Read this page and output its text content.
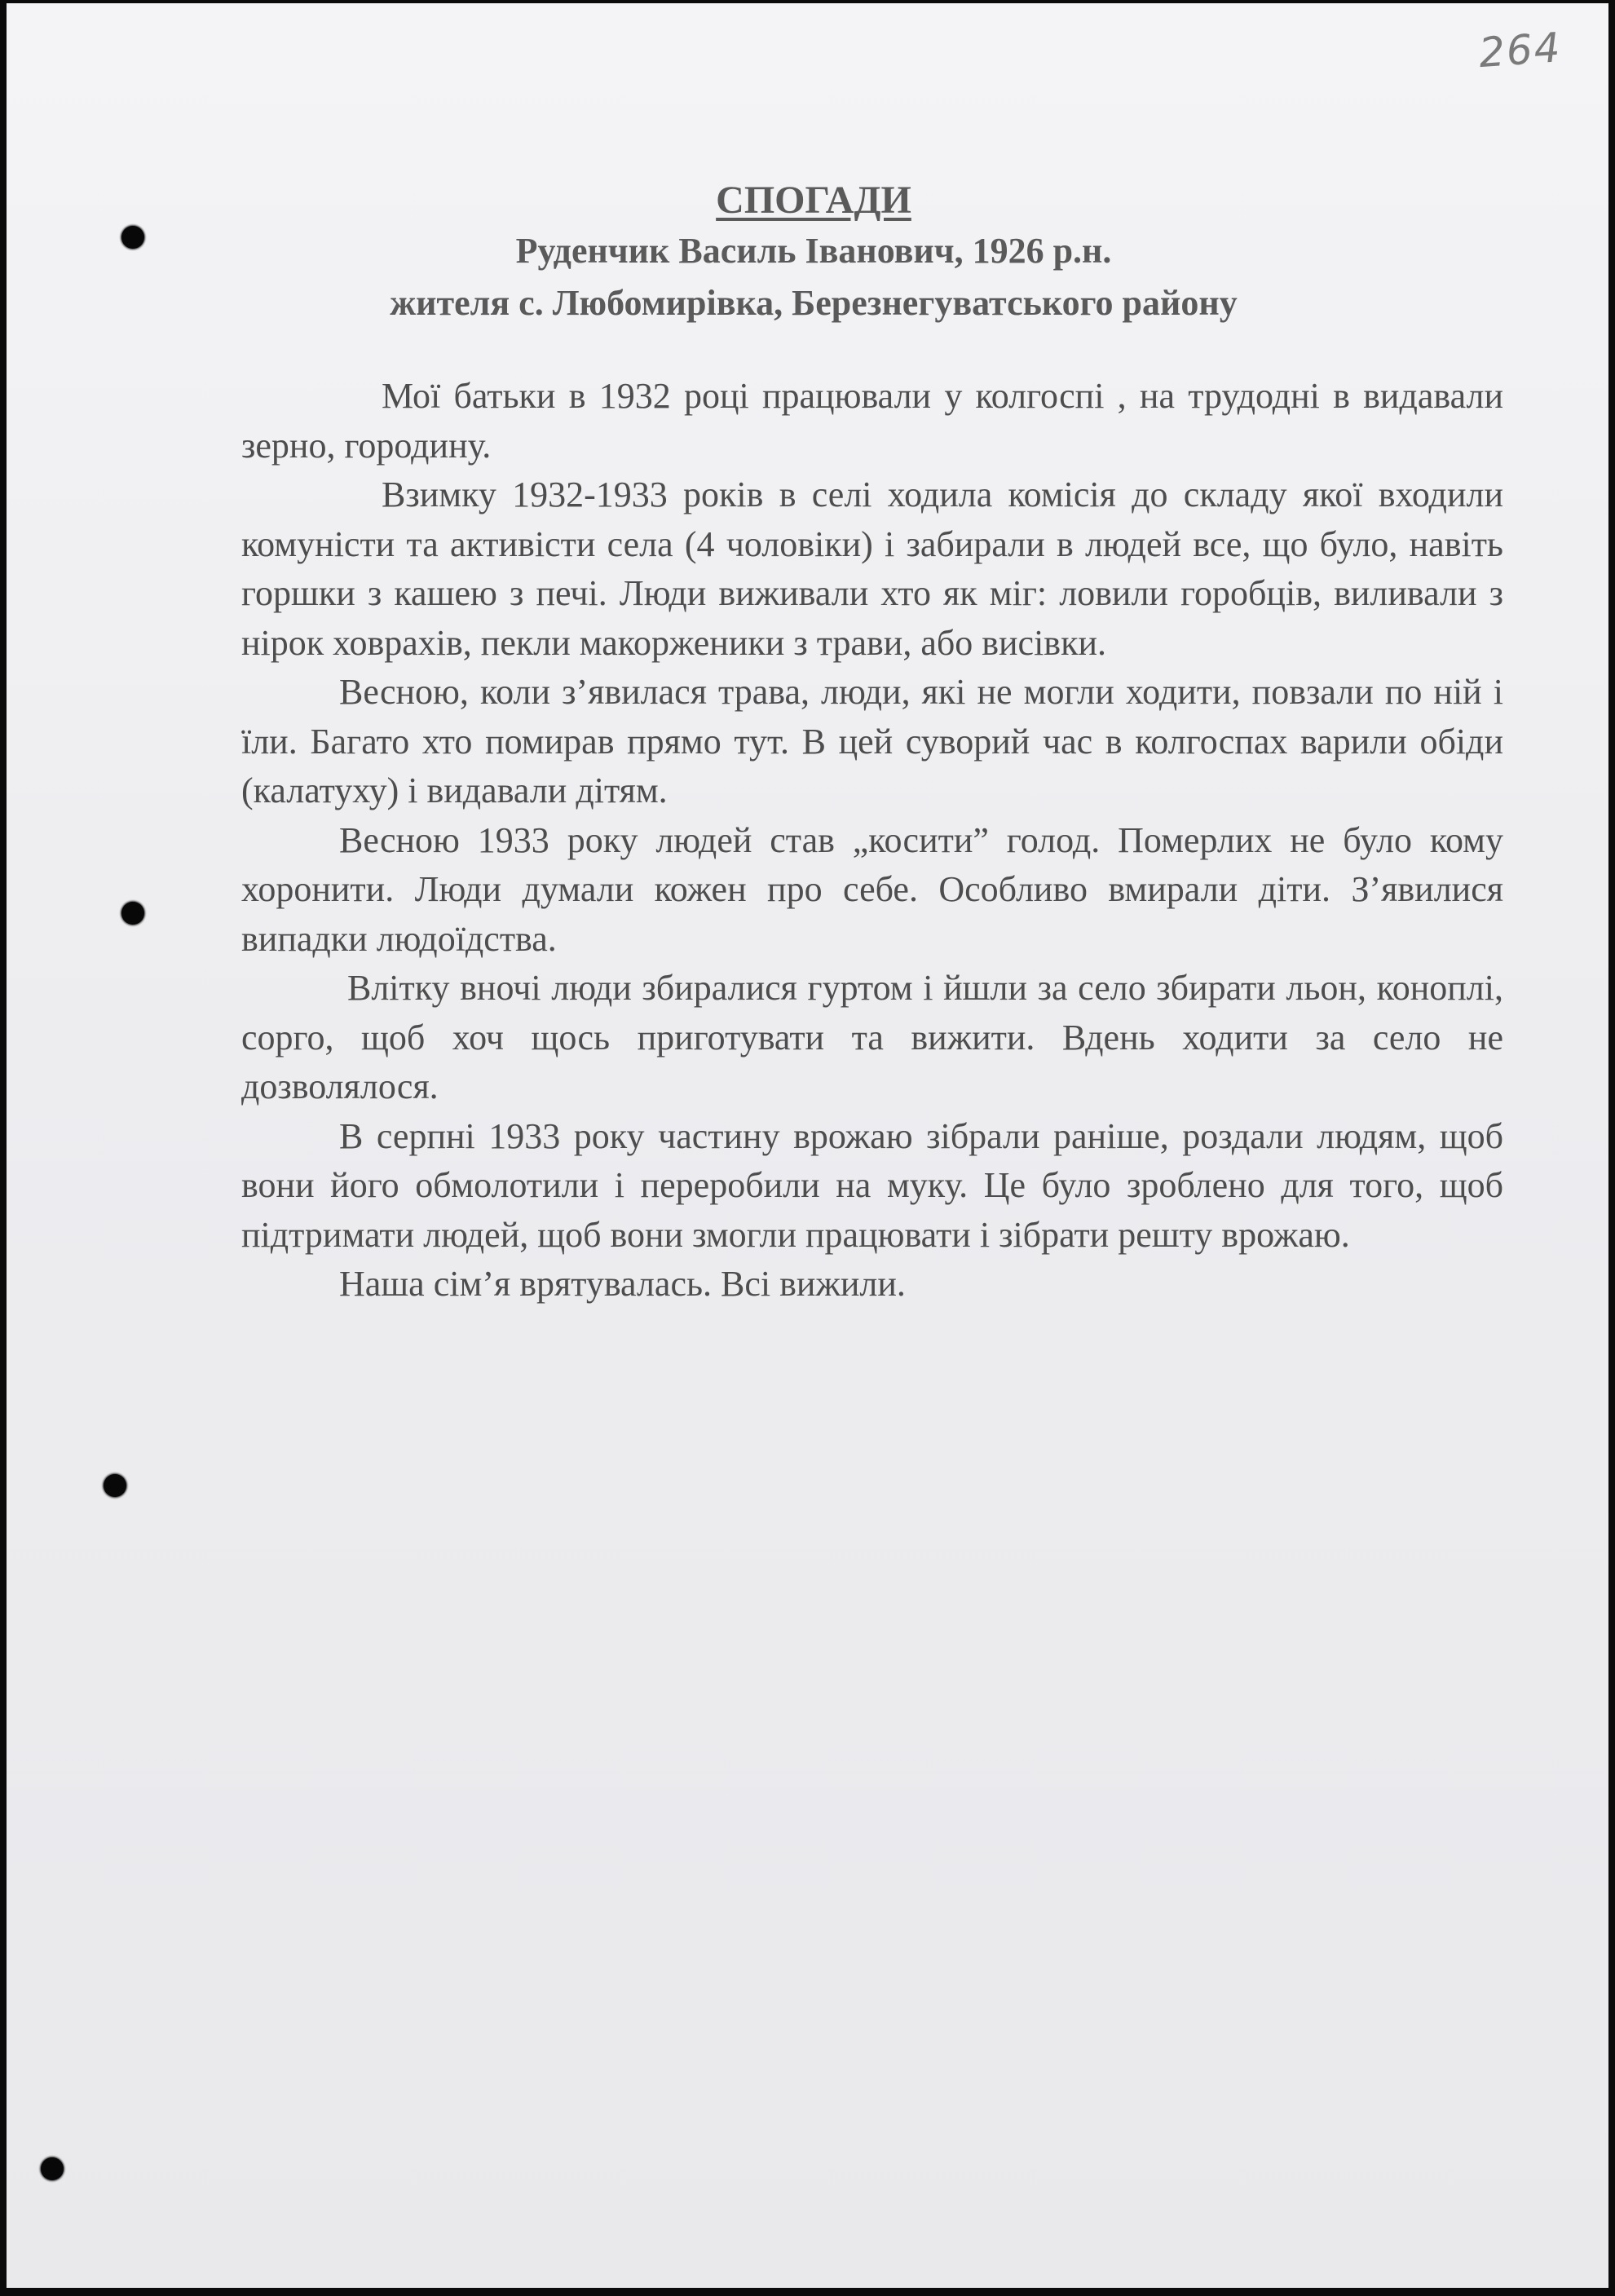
264
СПОГАДИ
Руденчик Василь Іванович, 1926 р.н.
жителя с. Любомирівка, Березнегуватського району

Мої батьки в 1932 році працювали у колгоспі , на трудодні в видавали зерно, городину.

Взимку 1932-1933 років в селі ходила комісія до складу якої входили комуністи та активісти села (4 чоловіки) і забирали в людей все, що було, навіть горшки з кашею з печі. Люди виживали хто як міг: ловили горобців, виливали з нірок ховрахів, пекли макорженики з трави, або висівки.

Весною, коли з’явилася трава, люди, які не могли ходити, повзали по ній і їли. Багато хто помирав прямо тут. В цей суворий час в колгоспах варили обіди (калатуху) і видавали дітям.

Весною 1933 року людей став „косити” голод. Померлих не було кому хоронити. Люди думали кожен про себе. Особливо вмирали діти. З’явилися випадки людоїдства.

Влітку вночі люди збиралися гуртом і йшли за село збирати льон, коноплі, сорго, щоб хоч щось приготувати та вижити. Вдень ходити за село не дозволялося.

В серпні 1933 року частину врожаю зібрали раніше, роздали людям, щоб вони його обмолотили і переробили на муку. Це було зроблено для того, щоб підтримати людей, щоб вони змогли працювати і зібрати решту врожаю.

Наша сім’я врятувалась. Всі вижили.
